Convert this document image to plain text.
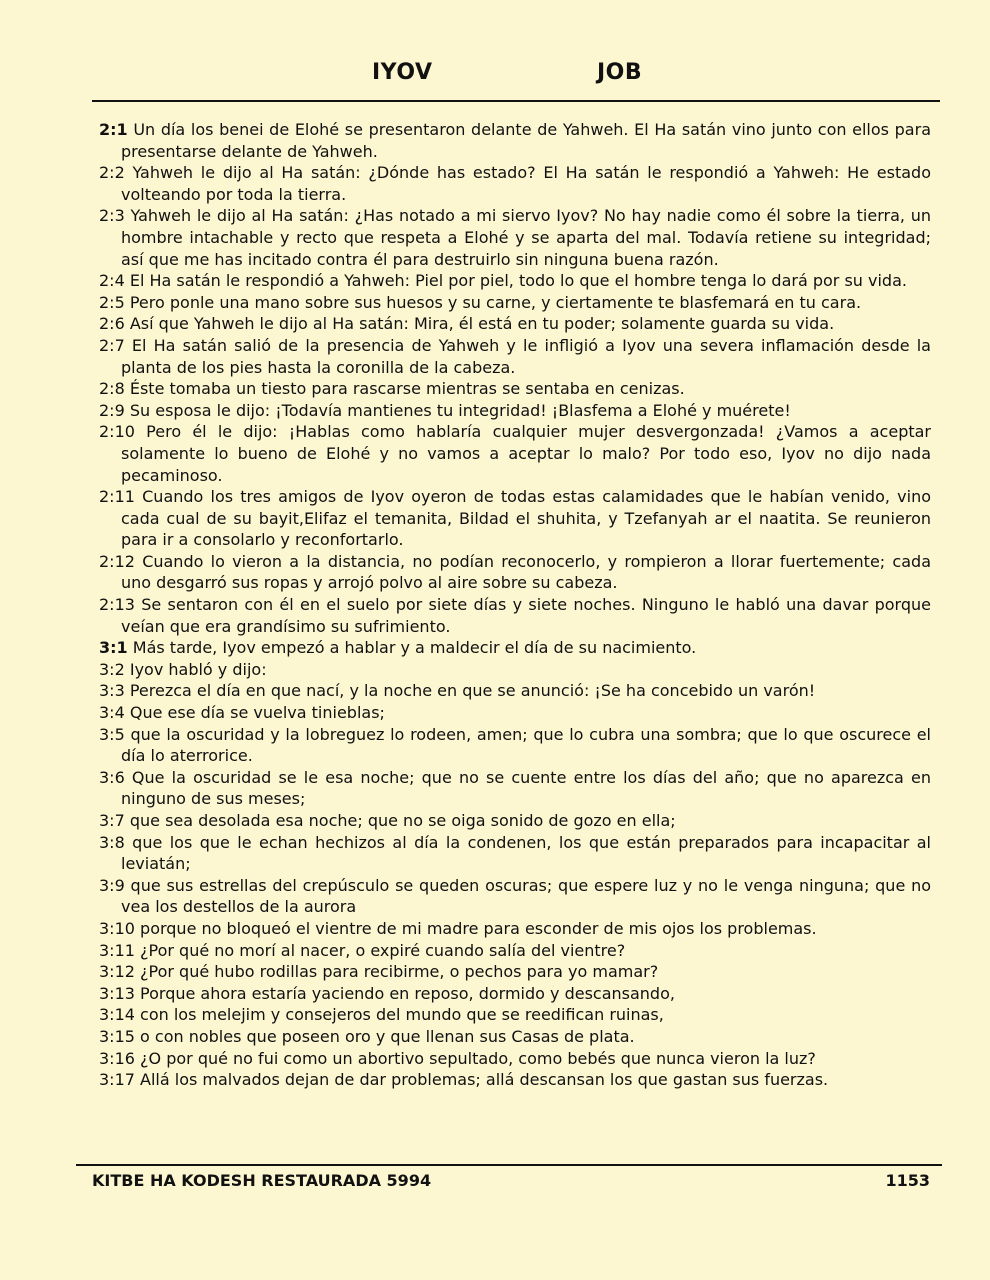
IYOV	JOB

2:1 Un día los benei de Elohé se presentaron delante de Yahweh. El Ha satán vino junto con ellos para presentarse delante de Yahweh.

2:2 Yahweh le dijo al Ha satán: ¿Dónde has estado? El Ha satán le respondió a Yahweh: He estado volteando por toda la tierra.

2:3 Yahweh le dijo al Ha satán: ¿Has notado a mi siervo Iyov? No hay nadie como él sobre la tierra, un hombre intachable y recto que respeta a Elohé y se aparta del mal. Todavía retiene su integridad; así que me has incitado contra él para destruirlo sin ninguna buena razón.

2:4 El Ha satán le respondió a Yahweh: Piel por piel, todo lo que el hombre tenga lo dará por su vida.

2:5 Pero ponle una mano sobre sus huesos y su carne, y ciertamente te blasfemará en tu cara.

2:6 Así que Yahweh le dijo al Ha satán: Mira, él está en tu poder; solamente guarda su vida.

2:7 El Ha satán salió de la presencia de Yahweh y le infligió a Iyov una severa inflamación desde la planta de los pies hasta la coronilla de la cabeza.

2:8 Éste tomaba un tiesto para rascarse mientras se sentaba en cenizas.

2:9 Su esposa le dijo: ¡Todavía mantienes tu integridad! ¡Blasfema a Elohé y muérete!

2:10 Pero él le dijo: ¡Hablas como hablaría cualquier mujer desvergonzada! ¿Vamos a aceptar solamente lo bueno de Elohé y no vamos a aceptar lo malo? Por todo eso, Iyov no dijo nada pecaminoso.

2:11 Cuando los tres amigos de Iyov oyeron de todas estas calamidades que le habían venido, vino cada cual de su bayit,Elifaz el temanita, Bildad el shuhita, y Tzefanyah ar el naatita. Se reunieron para ir a consolarlo y reconfortarlo.

2:12 Cuando lo vieron a la distancia, no podían reconocerlo, y rompieron a llorar fuertemente; cada uno desgarró sus ropas y arrojó polvo al aire sobre su cabeza.

2:13 Se sentaron con él en el suelo por siete días y siete noches. Ninguno le habló una davar porque veían que era grandísimo su sufrimiento.

3:1 Más tarde, Iyov empezó a hablar y a maldecir el día de su nacimiento.

3:2 Iyov habló y dijo:

3:3 Perezca el día en que nací, y la noche en que se anunció: ¡Se ha concebido un varón!

3:4 Que ese día se vuelva tinieblas;

3:5 que la oscuridad y la lobreguez lo rodeen, amen; que lo cubra una sombra; que lo que oscurece el día lo aterrorice.

3:6 Que la oscuridad se le esa noche; que no se cuente entre los días del año; que no aparezca en ninguno de sus meses;

3:7 que sea desolada esa noche; que no se oiga sonido de gozo en ella;

3:8 que los que le echan hechizos al día la condenen, los que están preparados para incapacitar al leviatán;

3:9 que sus estrellas del crepúsculo se queden oscuras; que espere luz y no le venga ninguna; que no vea los destellos de la aurora

3:10 porque no bloqueó el vientre de mi madre para esconder de mis ojos los problemas.

3:11 ¿Por qué no morí al nacer, o expiré cuando salía del vientre?

3:12 ¿Por qué hubo rodillas para recibirme, o pechos para yo mamar?

3:13 Porque ahora estaría yaciendo en reposo, dormido y descansando,

3:14 con los melejim y consejeros del mundo que se reedifican ruinas,

3:15 o con nobles que poseen oro y que llenan sus Casas de plata.

3:16 ¿O por qué no fui como un abortivo sepultado, como bebés que nunca vieron la luz?

3:17 Allá los malvados dejan de dar problemas; allá descansan los que gastan sus fuerzas.

KITBE HA KODESH RESTAURADA 5994	1153
